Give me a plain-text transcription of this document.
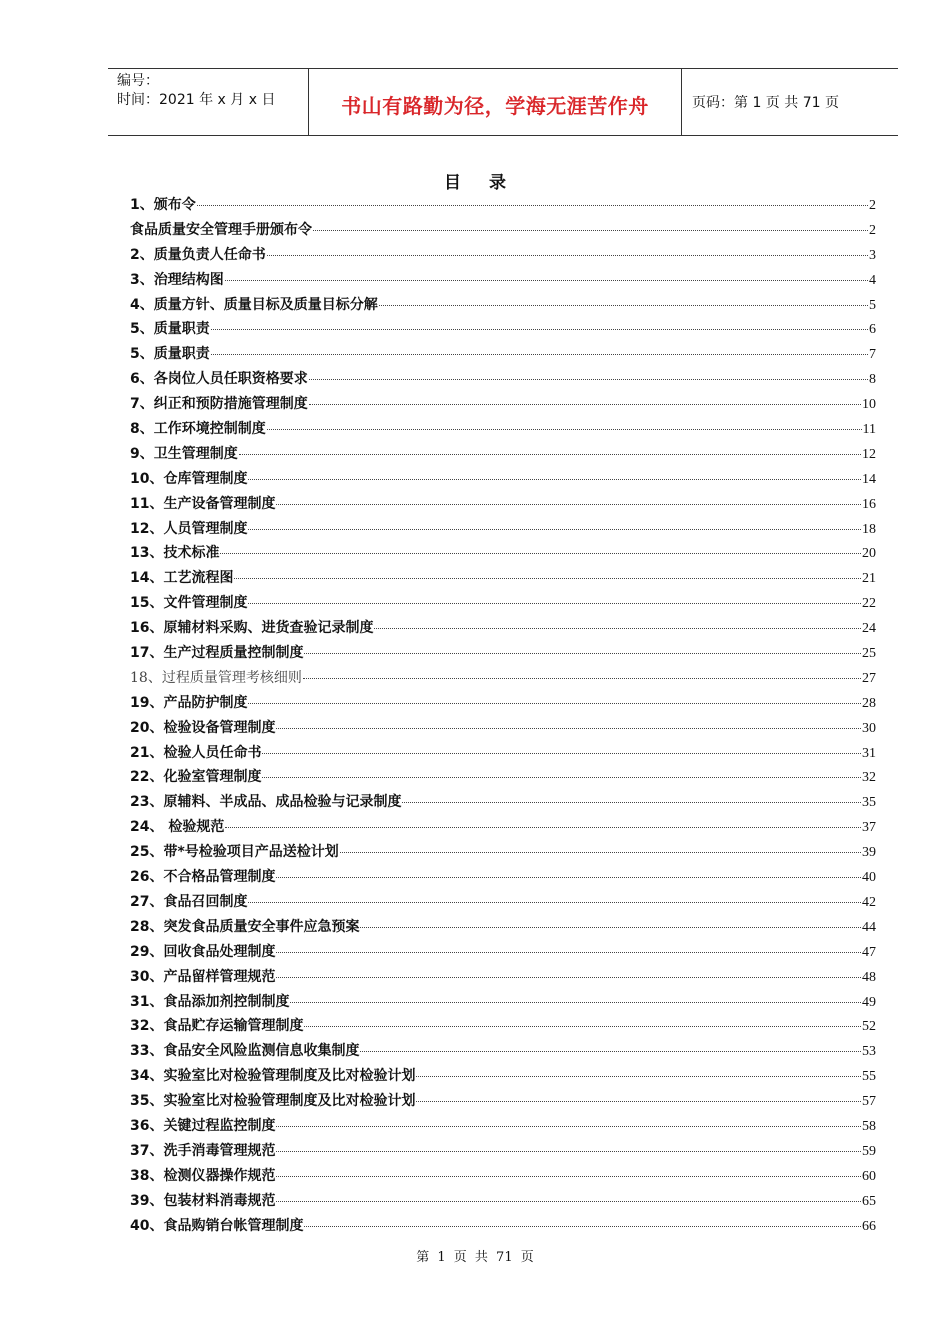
编号：
时间：2021 年 x 月 x 日	书山有路勤为径，学海无涯苦作舟	页码：第 1 页 共 71 页
目录
1、颁布令	2
食品质量安全管理手册颁布令	2
2、质量负责人任命书	3
3、治理结构图	4
4、质量方针、质量目标及质量目标分解	5
5、质量职责	6
5、质量职责	7
6、各岗位人员任职资格要求	8
7、纠正和预防措施管理制度	10
8、工作环境控制制度	11
9、卫生管理制度	12
10、仓库管理制度	14
11、生产设备管理制度	16
12、人员管理制度	18
13、技术标准	20
14、工艺流程图	21
15、文件管理制度	22
16、原辅材料采购、进货查验记录制度	24
17、生产过程质量控制制度	25
18、过程质量管理考核细则	27
19、产品防护制度	28
20、检验设备管理制度	30
21、检验人员任命书	31
22、化验室管理制度	32
23、原辅料、半成品、成品检验与记录制度	35
24、 检验规范	37
25、带*号检验项目产品送检计划	39
26、不合格品管理制度	40
27、食品召回制度	42
28、突发食品质量安全事件应急预案	44
29、回收食品处理制度	47
30、产品留样管理规范	48
31、食品添加剂控制制度	49
32、食品贮存运输管理制度	52
33、食品安全风险监测信息收集制度	53
34、实验室比对检验管理制度及比对检验计划	55
35、实验室比对检验管理制度及比对检验计划	57
36、关键过程监控制度	58
37、洗手消毒管理规范	59
38、检测仪器操作规范	60
39、包装材料消毒规范	65
40、食品购销台帐管理制度	66
第 1 页 共 71 页
